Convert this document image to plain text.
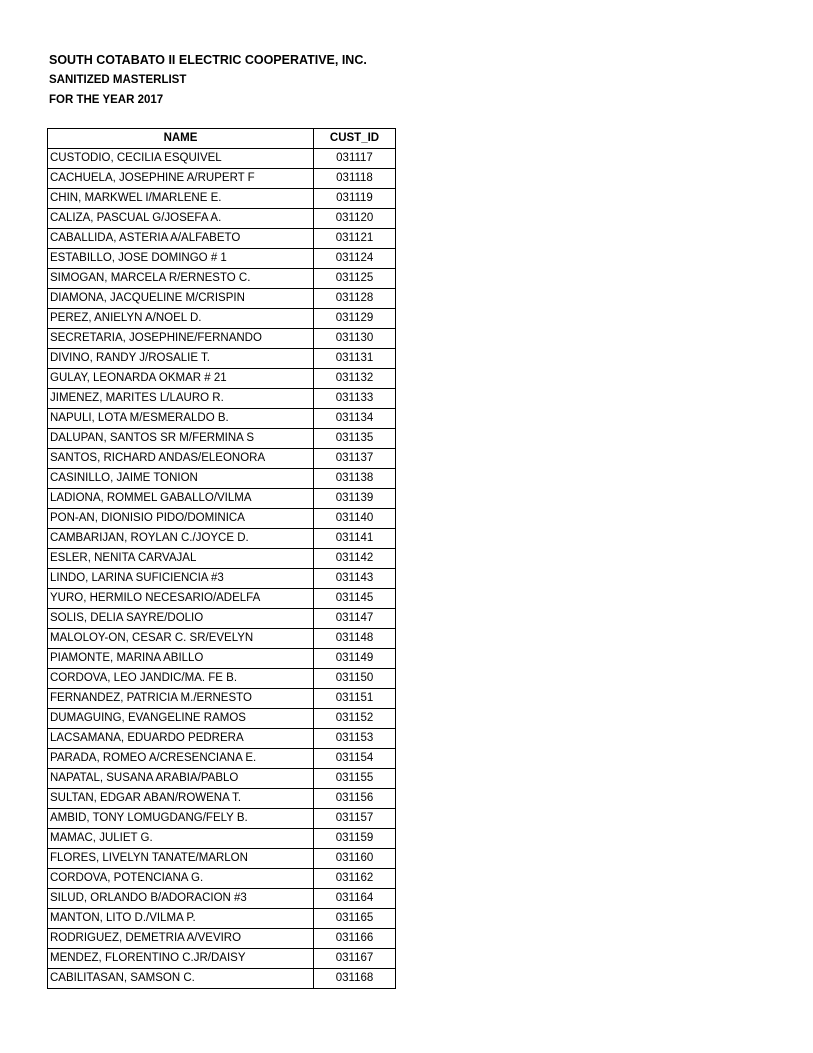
SOUTH COTABATO II ELECTRIC COOPERATIVE, INC.
SANITIZED MASTERLIST
FOR THE YEAR 2017
NAME	CUST_ID
CUSTODIO, CECILIA ESQUIVEL	031117
CACHUELA, JOSEPHINE A/RUPERT F	031118
CHIN, MARKWEL I/MARLENE E.	031119
CALIZA, PASCUAL G/JOSEFA A.	031120
CABALLIDA, ASTERIA A/ALFABETO	031121
ESTABILLO, JOSE DOMINGO # 1	031124
SIMOGAN, MARCELA R/ERNESTO C.	031125
DIAMONA, JACQUELINE M/CRISPIN	031128
PEREZ, ANIELYN A/NOEL D.	031129
SECRETARIA, JOSEPHINE/FERNANDO	031130
DIVINO, RANDY J/ROSALIE T.	031131
GULAY, LEONARDA OKMAR # 21	031132
JIMENEZ, MARITES L/LAURO R.	031133
NAPULI, LOTA M/ESMERALDO B.	031134
DALUPAN, SANTOS SR M/FERMINA S	031135
SANTOS, RICHARD ANDAS/ELEONORA	031137
CASINILLO, JAIME TONION	031138
LADIONA, ROMMEL GABALLO/VILMA	031139
PON-AN, DIONISIO PIDO/DOMINICA	031140
CAMBARIJAN, ROYLAN C./JOYCE D.	031141
ESLER, NENITA CARVAJAL	031142
LINDO, LARINA SUFICIENCIA #3	031143
YURO, HERMILO NECESARIO/ADELFA	031145
SOLIS, DELIA SAYRE/DOLIO	031147
MALOLOY-ON, CESAR C. SR/EVELYN	031148
PIAMONTE, MARINA ABILLO	031149
CORDOVA, LEO JANDIC/MA. FE B.	031150
FERNANDEZ, PATRICIA M./ERNESTO	031151
DUMAGUING, EVANGELINE RAMOS	031152
LACSAMANA, EDUARDO PEDRERA	031153
PARADA, ROMEO A/CRESENCIANA E.	031154
NAPATAL, SUSANA ARABIA/PABLO	031155
SULTAN, EDGAR ABAN/ROWENA T.	031156
AMBID, TONY LOMUGDANG/FELY B.	031157
MAMAC, JULIET G.	031159
FLORES, LIVELYN TANATE/MARLON	031160
CORDOVA, POTENCIANA G.	031162
SILUD, ORLANDO B/ADORACION #3	031164
MANTON, LITO D./VILMA P.	031165
RODRIGUEZ, DEMETRIA A/VEVIRO	031166
MENDEZ, FLORENTINO C.JR/DAISY	031167
CABILITASAN, SAMSON C.	031168
